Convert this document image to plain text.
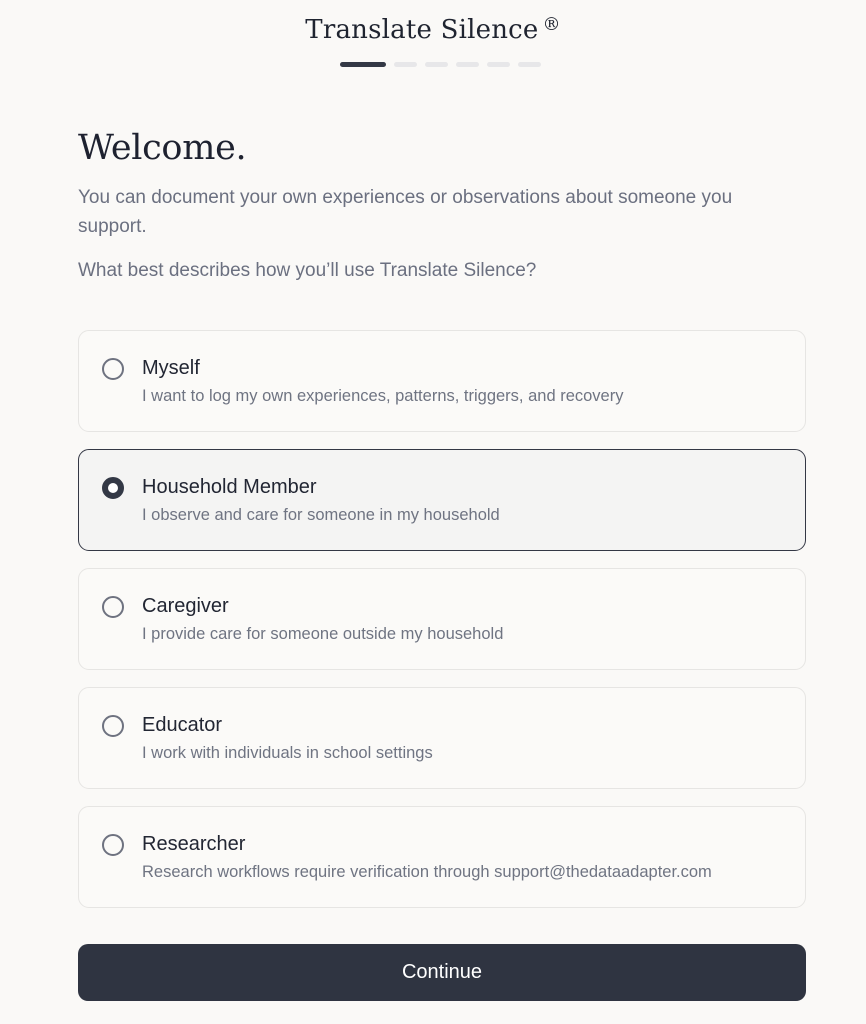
Translate Silence ®
Welcome.

You can document your own experiences or observations about someone you support.

What best describes how you’ll use Translate Silence?

Myself
I want to log my own experiences, patterns, triggers, and recovery
Household Member
I observe and care for someone in my household
Caregiver
I provide care for someone outside my household
Educator
I work with individuals in school settings
Researcher
Research workflows require verification through support@thedataadapter.com
Continue
